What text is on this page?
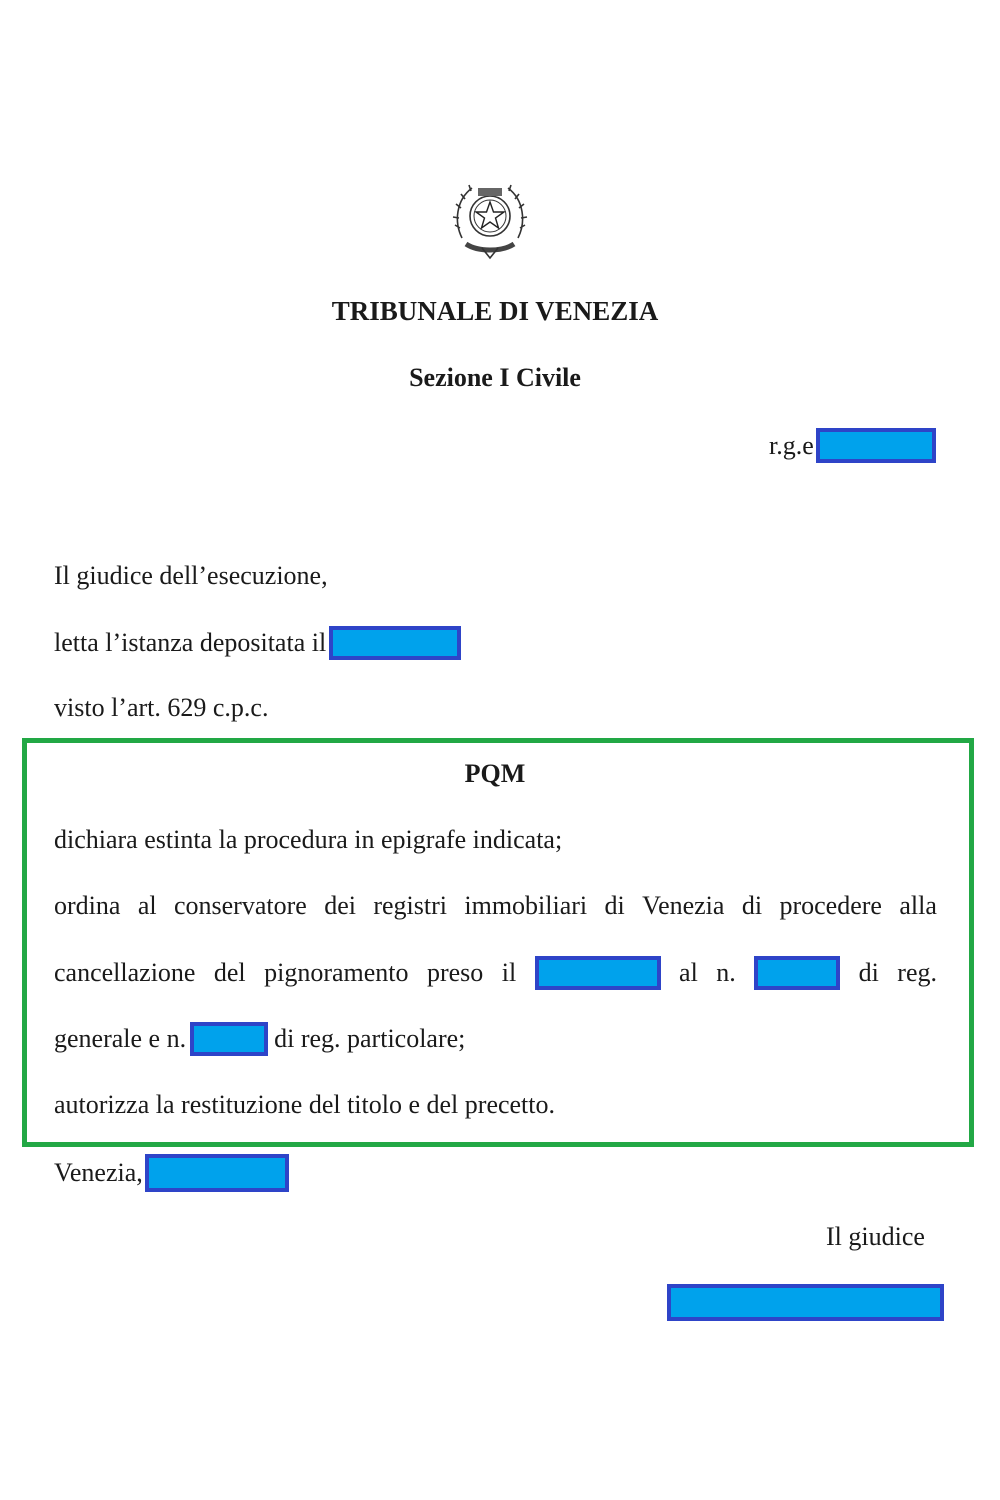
TRIBUNALE DI VENEZIA
Sezione I Civile
r.g.e
Il giudice dell’esecuzione,
letta l’istanza depositata il
visto l’art. 629 c.p.c.
PQM
dichiara estinta la procedura in epigrafe indicata;
ordina al conservatore dei registri immobiliari di Venezia di procedere alla
cancellazione del pignoramento preso il	al n.	di reg.
generale e n.	di reg. particolare;
autorizza la restituzione del titolo e del precetto.
Venezia,
Il giudice
